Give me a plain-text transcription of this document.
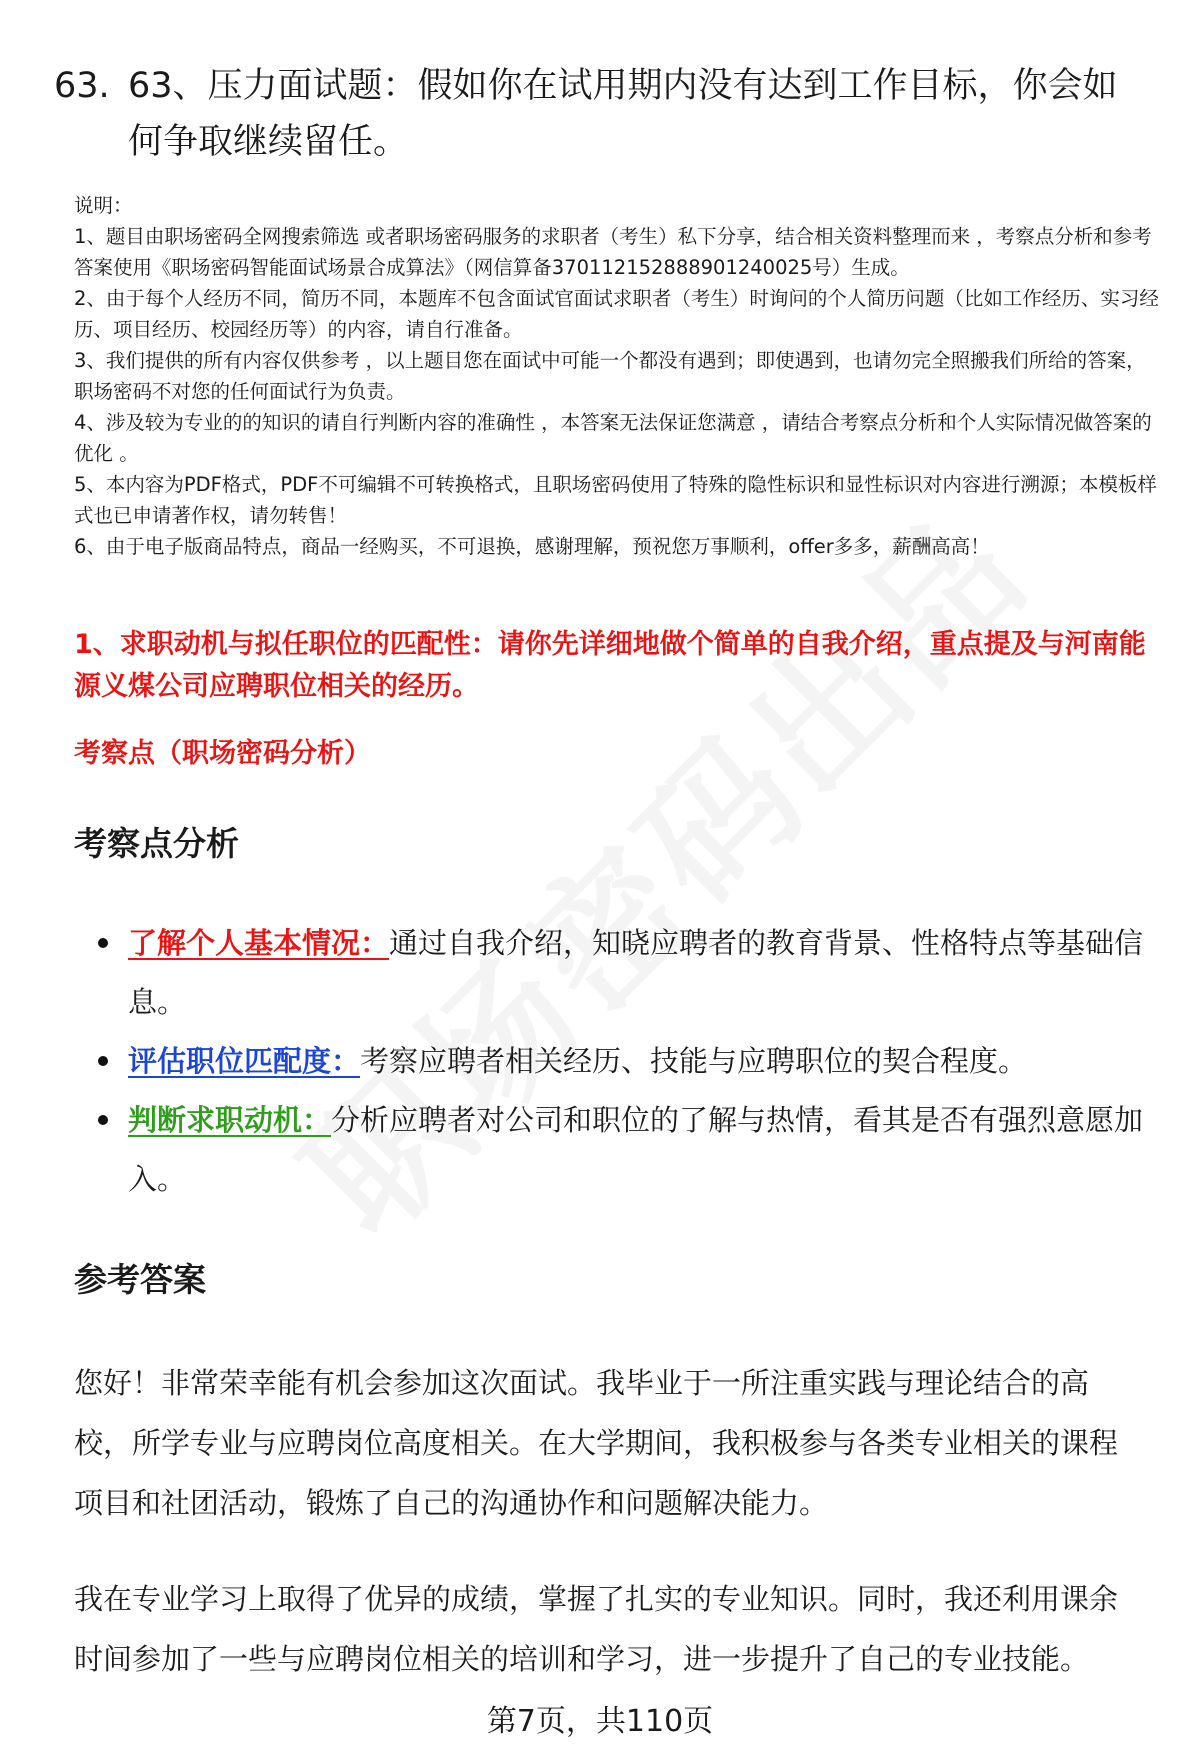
63. 63、压力面试题：假如你在试用期内没有达到工作目标，你会如何争取继续留任。

说明：

1、题目由职场密码全网搜索筛选 或者职场密码服务的求职者（考生）私下分享，结合相关资料整理而来 ，考察点分析和参考答案使用《职场密码智能面试场景合成算法》（网信算备370112152888901240025号）生成。

2、由于每个人经历不同，简历不同，本题库不包含面试官面试求职者（考生）时询问的个人简历问题（比如工作经历、实习经历、项目经历、校园经历等）的内容，请自行准备。

3、我们提供的所有内容仅供参考 ，以上题目您在面试中可能一个都没有遇到；即使遇到，也请勿完全照搬我们所给的答案，职场密码不对您的任何面试行为负责。

4、涉及较为专业的的知识的请自行判断内容的准确性 ，本答案无法保证您满意 ，请结合考察点分析和个人实际情况做答案的优化 。

5、本内容为PDF格式，PDF不可编辑不可转换格式，且职场密码使用了特殊的隐性标识和显性标识对内容进行溯源；本模板样式也已申请著作权，请勿转售！

6、由于电子版商品特点，商品一经购买，不可退换，感谢理解，预祝您万事顺利，offer多多，薪酬高高！

1、求职动机与拟任职位的匹配性：请你先详细地做个简单的自我介绍，重点提及与河南能源义煤公司应聘职位相关的经历。
考察点（职场密码分析）
考察点分析
了解个人基本情况：通过自我介绍，知晓应聘者的教育背景、性格特点等基础信息。
评估职位匹配度：考察应聘者相关经历、技能与应聘职位的契合程度。
判断求职动机：分析应聘者对公司和职位的了解与热情，看其是否有强烈意愿加入。
参考答案

您好！非常荣幸能有机会参加这次面试。我毕业于一所注重实践与理论结合的高校，所学专业与应聘岗位高度相关。在大学期间，我积极参与各类专业相关的课程项目和社团活动，锻炼了自己的沟通协作和问题解决能力。

我在专业学习上取得了优异的成绩，掌握了扎实的专业知识。同时，我还利用课余时间参加了一些与应聘岗位相关的培训和学习，进一步提升了自己的专业技能。

第7页，共110页
